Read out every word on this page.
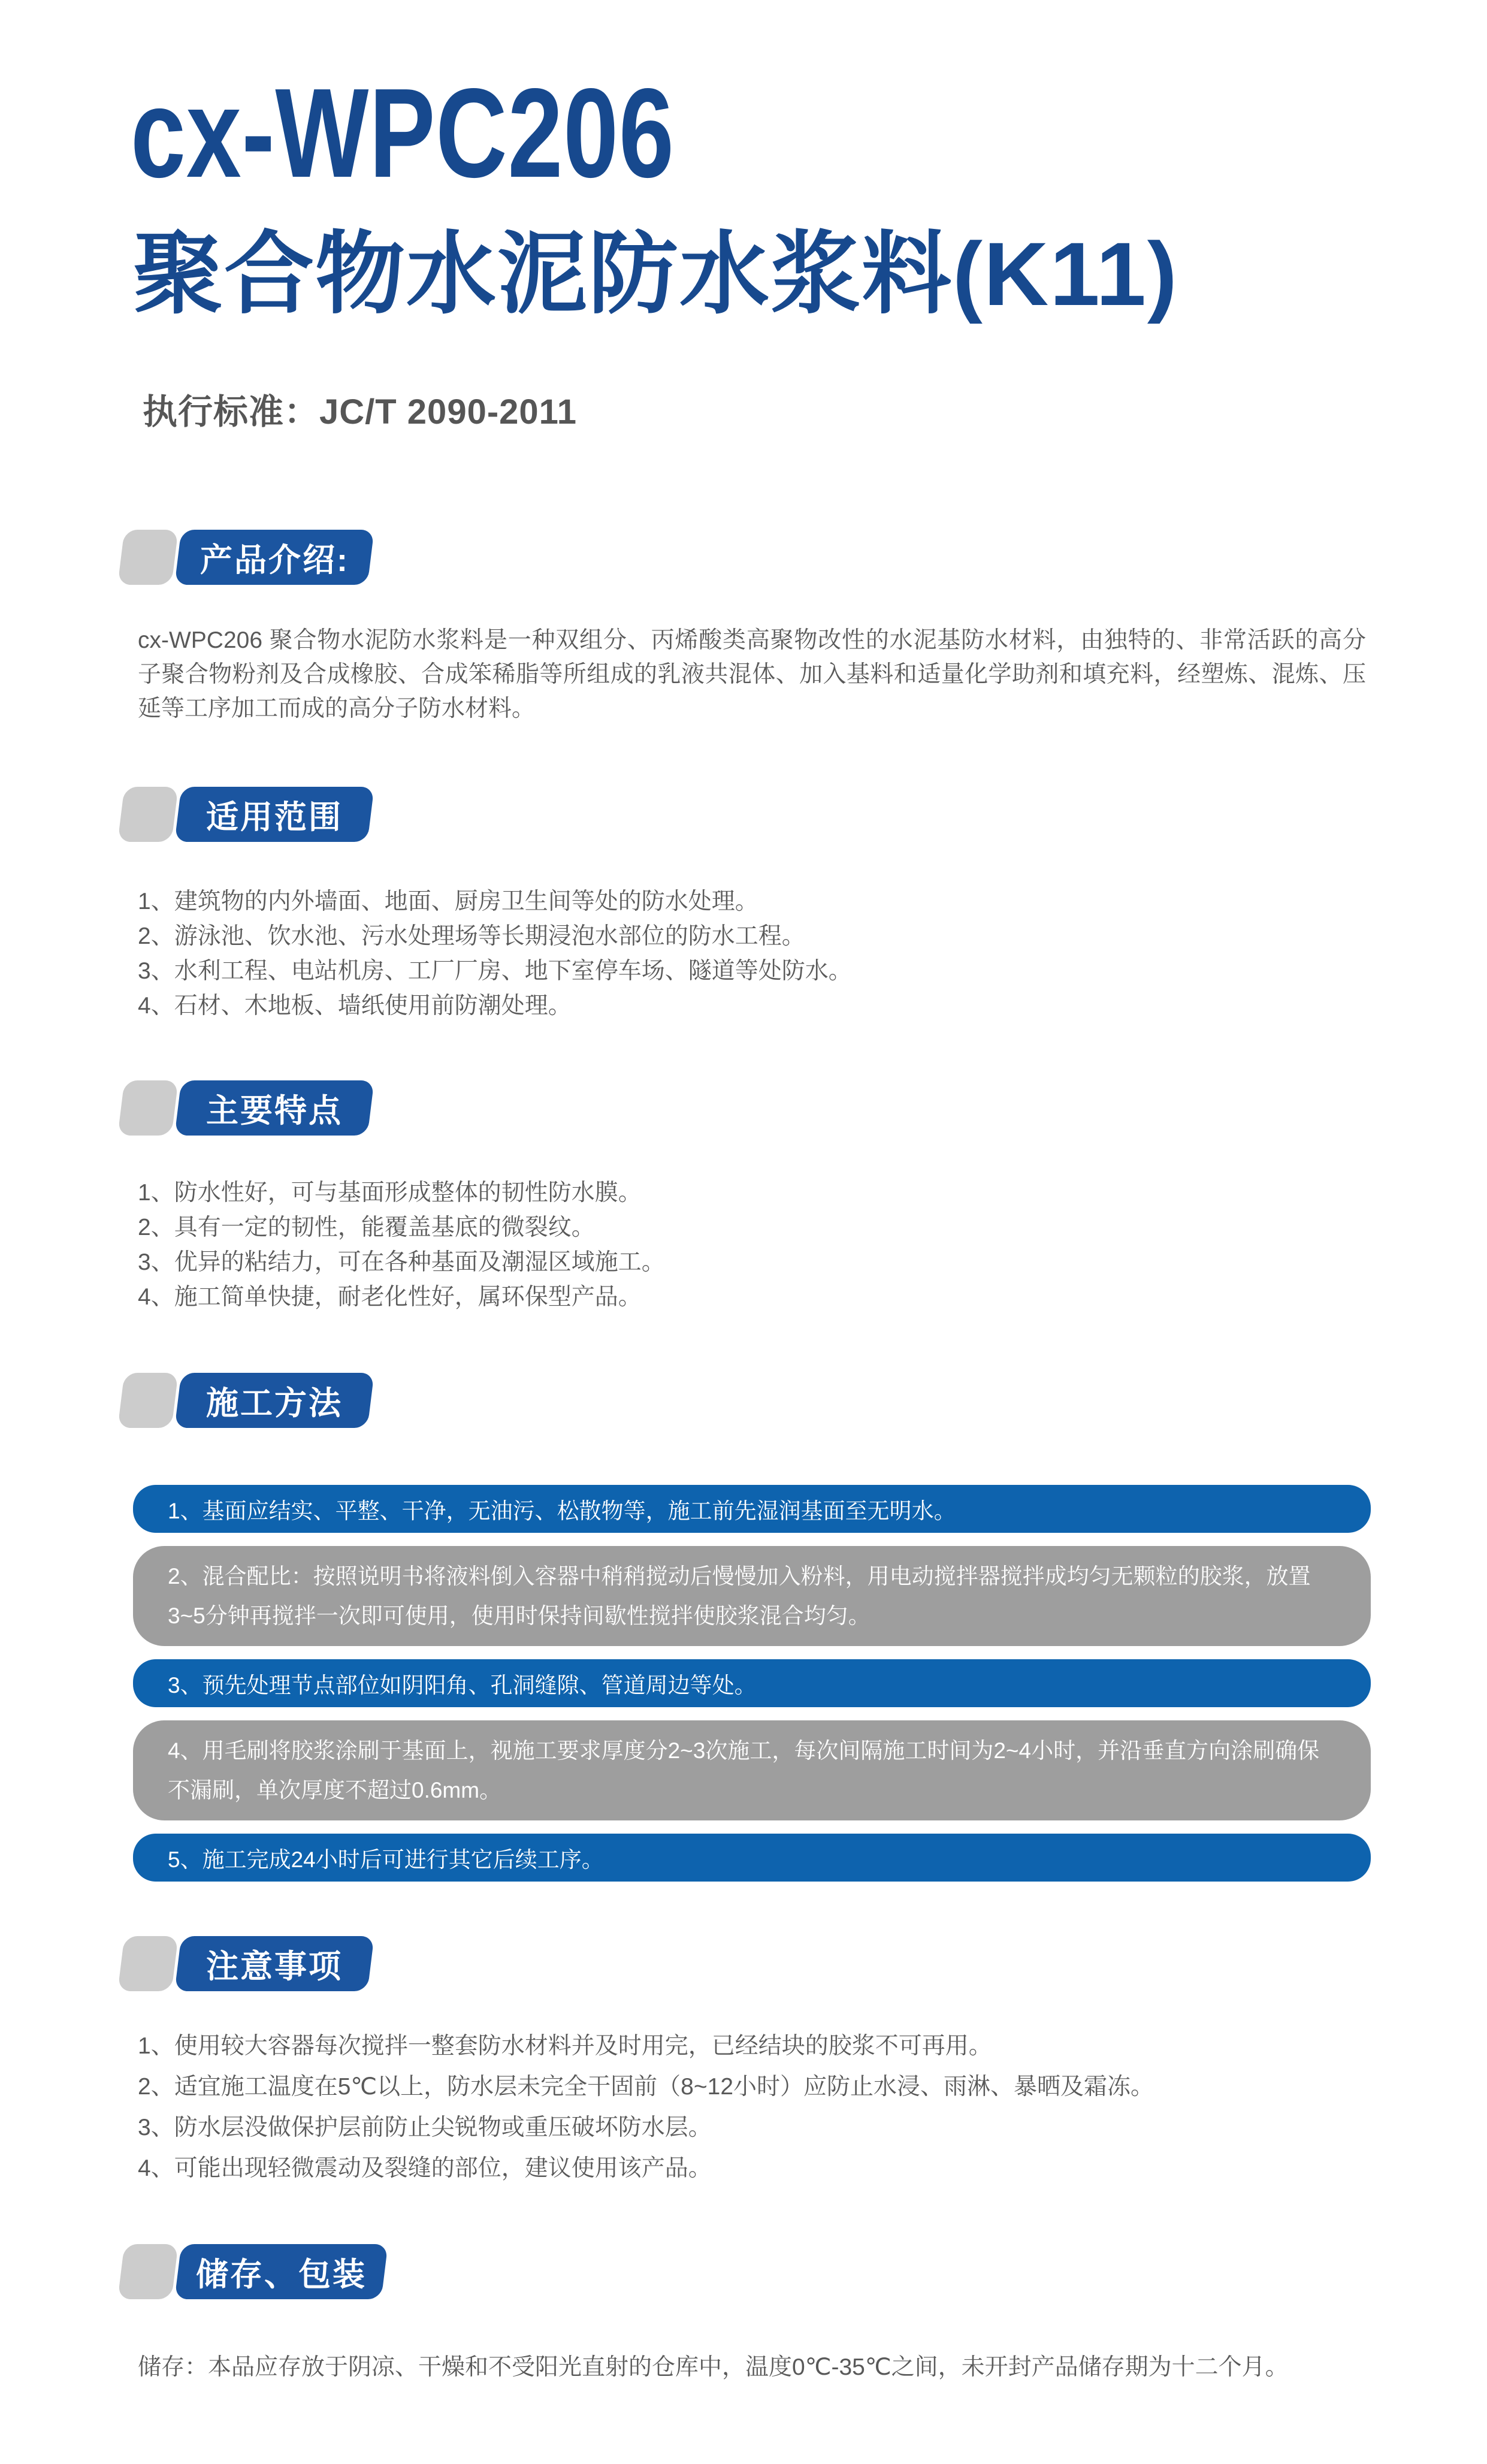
cx-WPC206
聚合物水泥防水浆料(K11)
执行标准：JC/T 2090-2011
产品介绍:

cx-WPC206 聚合物水泥防水浆料是一种双组分、丙烯酸类高聚物改性的水泥基防水材料，由独特的、非常活跃的高分子聚合物粉剂及合成橡胶、合成笨稀脂等所组成的乳液共混体、加入基料和适量化学助剂和填充料，经塑炼、混炼、压延等工序加工而成的高分子防水材料。

适用范围
1、建筑物的内外墙面、地面、厨房卫生间等处的防水处理。
2、游泳池、饮水池、污水处理场等长期浸泡水部位的防水工程。
3、水利工程、电站机房、工厂厂房、地下室停车场、隧道等处防水。
4、石材、木地板、墙纸使用前防潮处理。
主要特点
1、防水性好，可与基面形成整体的韧性防水膜。
2、具有一定的韧性，能覆盖基底的微裂纹。
3、优异的粘结力，可在各种基面及潮湿区域施工。
4、施工简单快捷，耐老化性好，属环保型产品。
施工方法
1、基面应结实、平整、干净，无油污、松散物等，施工前先湿润基面至无明水。
2、混合配比：按照说明书将液料倒入容器中稍稍搅动后慢慢加入粉料，用电动搅拌器搅拌成均匀无颗粒的胶浆，放置3~5分钟再搅拌一次即可使用，使用时保持间歇性搅拌使胶浆混合均匀。
3、预先处理节点部位如阴阳角、孔洞缝隙、管道周边等处。
4、用毛刷将胶浆涂刷于基面上，视施工要求厚度分2~3次施工，每次间隔施工时间为2~4小时，并沿垂直方向涂刷确保不漏刷，单次厚度不超过0.6mm。
5、施工完成24小时后可进行其它后续工序。
注意事项
1、使用较大容器每次搅拌一整套防水材料并及时用完，已经结块的胶浆不可再用。
2、适宜施工温度在5℃以上，防水层未完全干固前（8~12小时）应防止水浸、雨淋、暴晒及霜冻。
3、防水层没做保护层前防止尖锐物或重压破坏防水层。
4、可能出现轻微震动及裂缝的部位，建议使用该产品。
储存、包装

储存：本品应存放于阴凉、干燥和不受阳光直射的仓库中，温度0℃-35℃之间，未开封产品储存期为十二个月。
